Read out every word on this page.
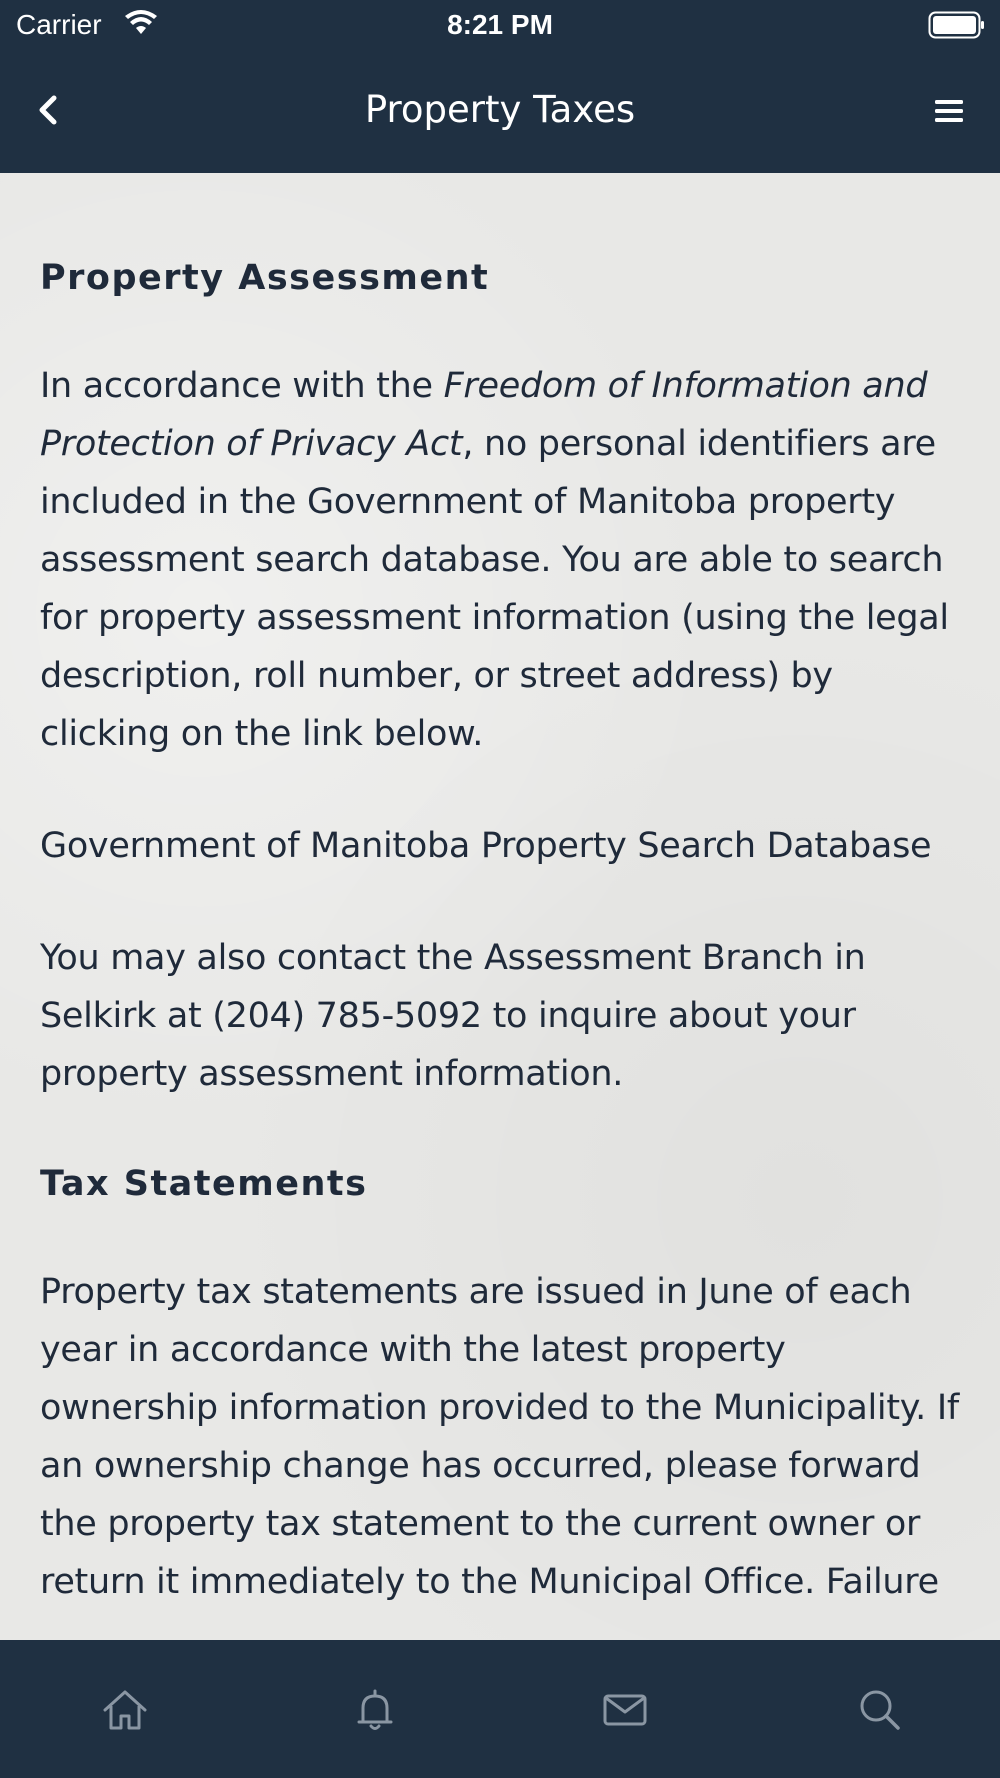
Carrier	8:21 PM
Property Taxes
Property Assessment

In accordance with the Freedom of Information and Protection of Privacy Act, no personal identifiers are included in the Government of Manitoba property assessment search database. You are able to search for property assessment information (using the legal description, roll number, or street address) by clicking on the link below.

Government of Manitoba Property Search Database

You may also contact the Assessment Branch in Selkirk at (204) 785-5092 to inquire about your property assessment information.

Tax Statements

Property tax statements are issued in June of each year in accordance with the latest property ownership information provided to the Municipality. If an ownership change has occurred, please forward the property tax statement to the current owner or return it immediately to the Municipal Office. Failure
